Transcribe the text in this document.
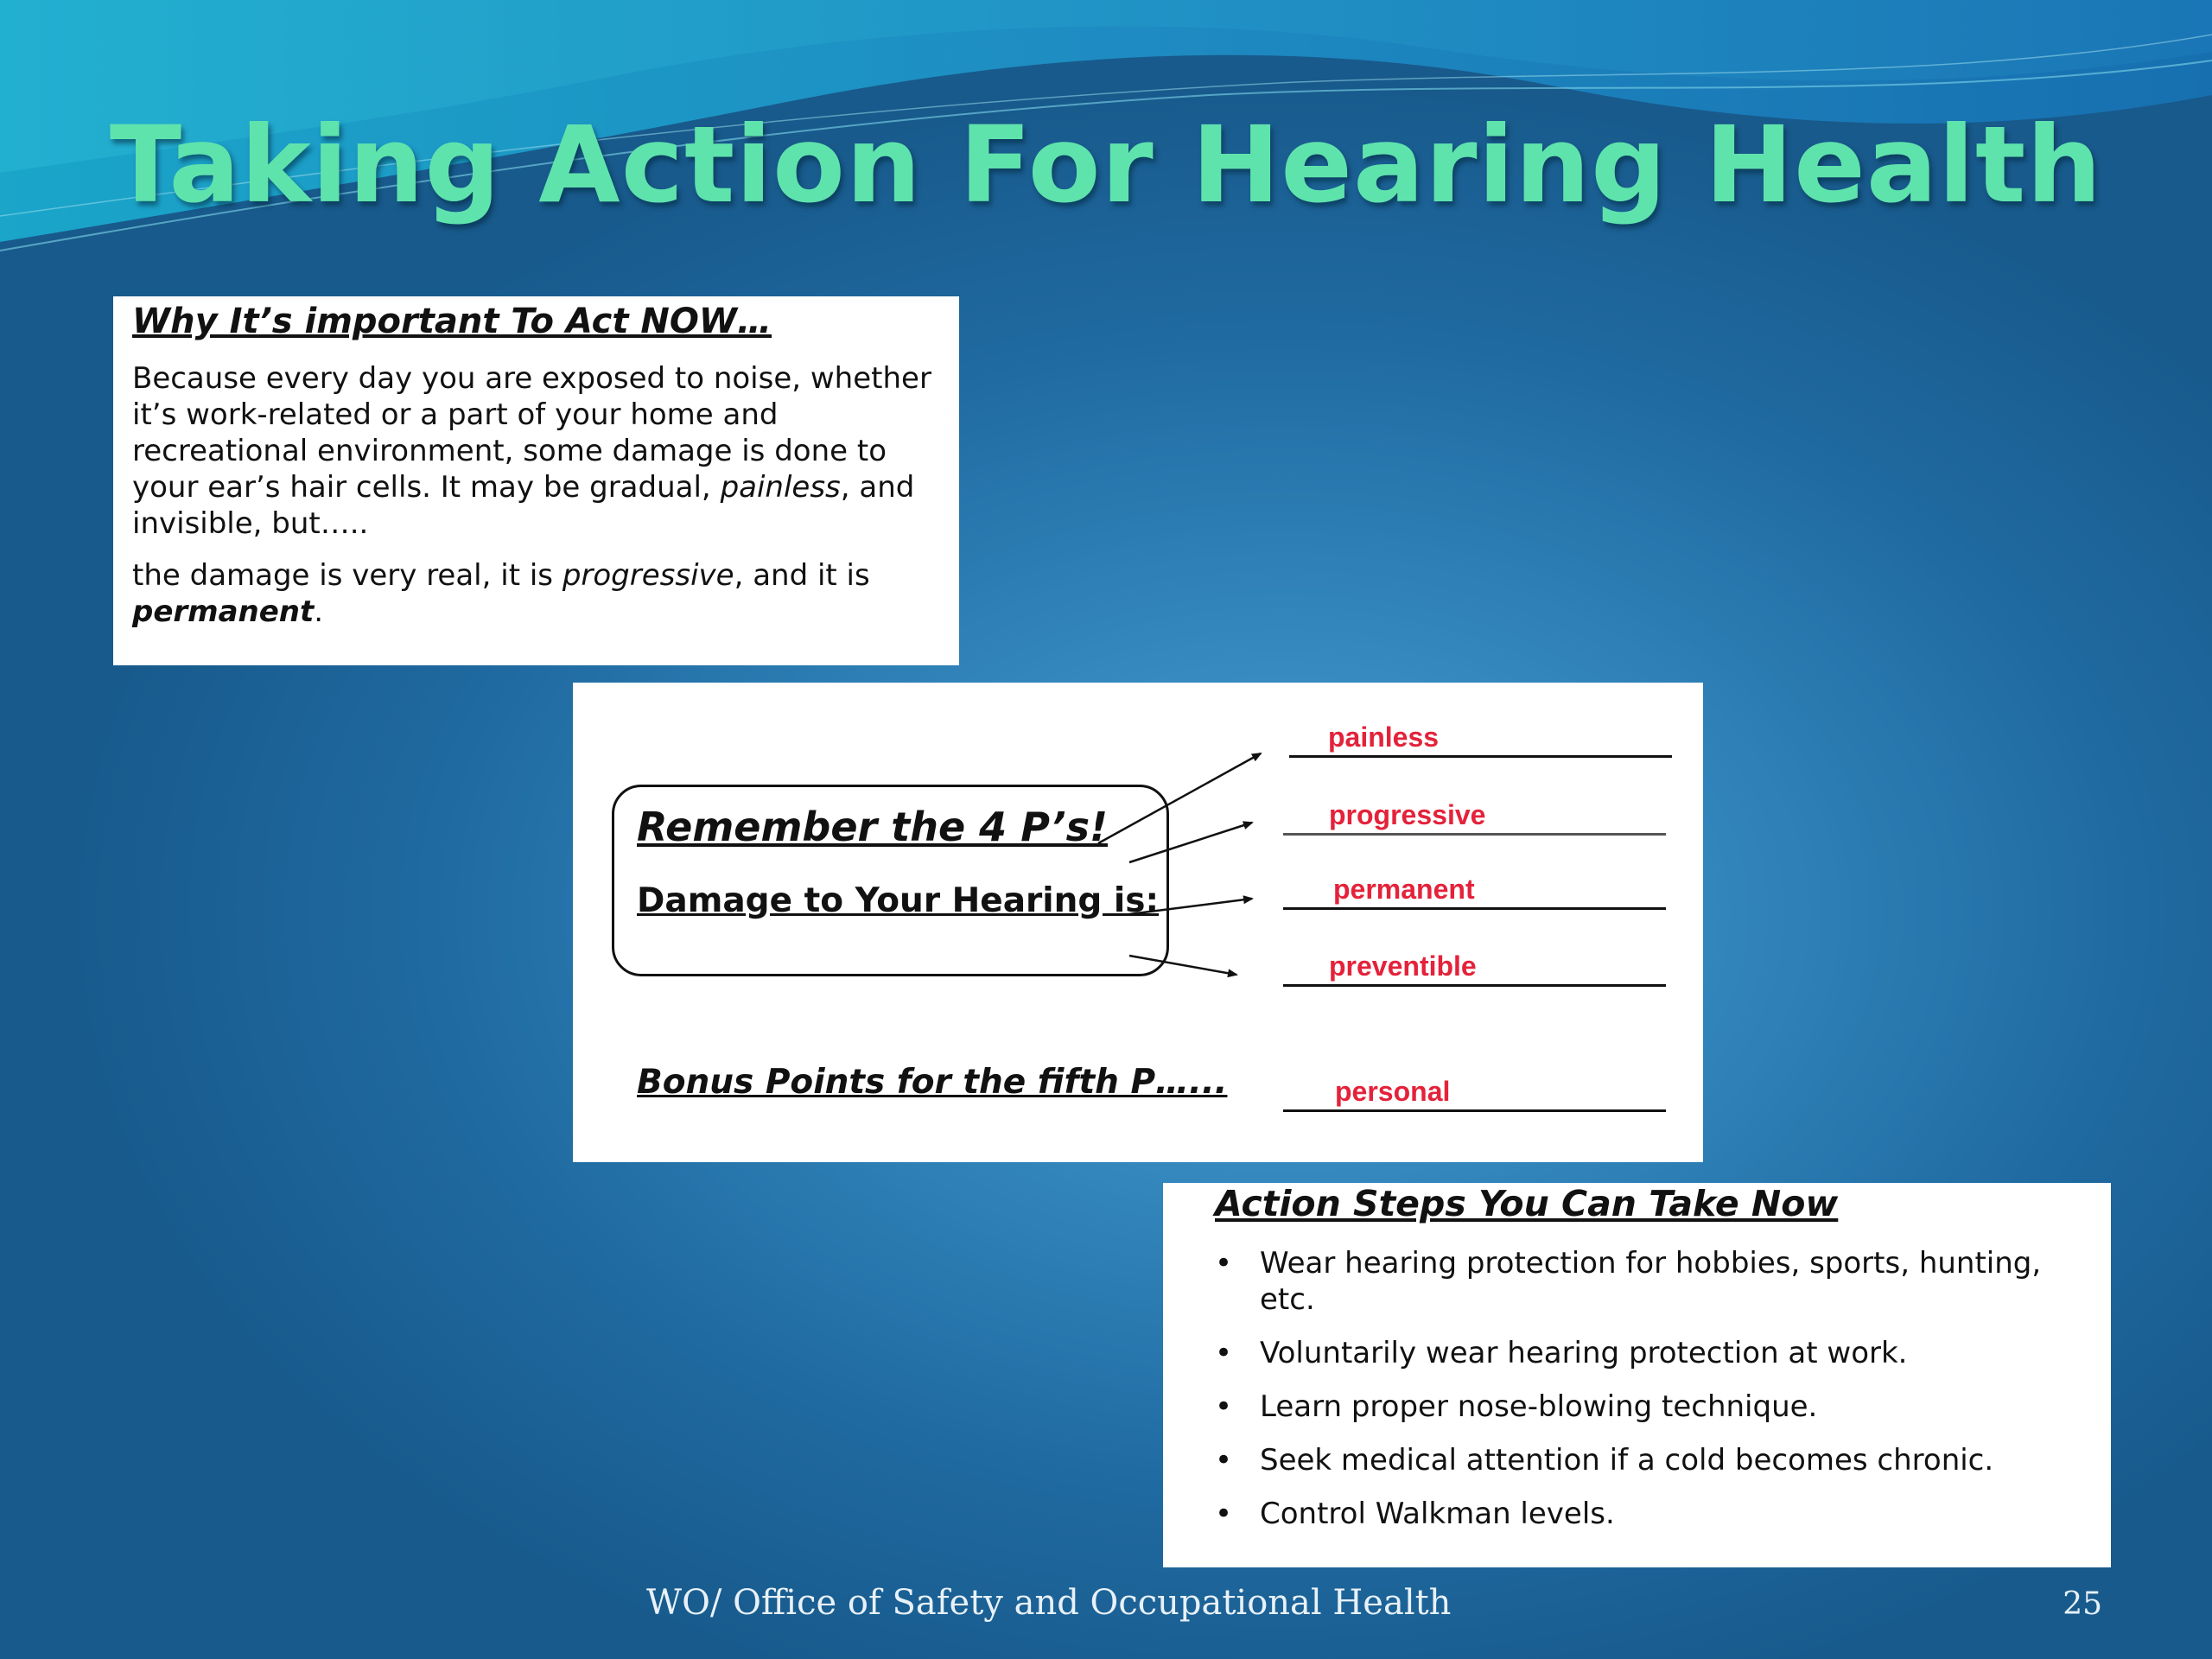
Taking Action For Hearing Health

Why It’s important To Act NOW…

Because every day you are exposed to noise, whether it’s work-related or a part of your home and recreational environment, some damage is done to your ear’s hair cells. It may be gradual, painless, and invisible, but…..

the damage is very real, it is progressive, and it is permanent.

Remember the 4 P’s!
Damage to Your Hearing is:
Bonus Points for the fifth P…...
painless
progressive
permanent
preventible
personal

Action Steps You Can Take Now

• Wear hearing protection for hobbies, sports, hunting, etc.
• Voluntarily wear hearing protection at work.
• Learn proper nose-blowing technique.
• Seek medical attention if a cold becomes chronic.
• Control Walkman levels.
WO/ Office of Safety and Occupational Health	25
